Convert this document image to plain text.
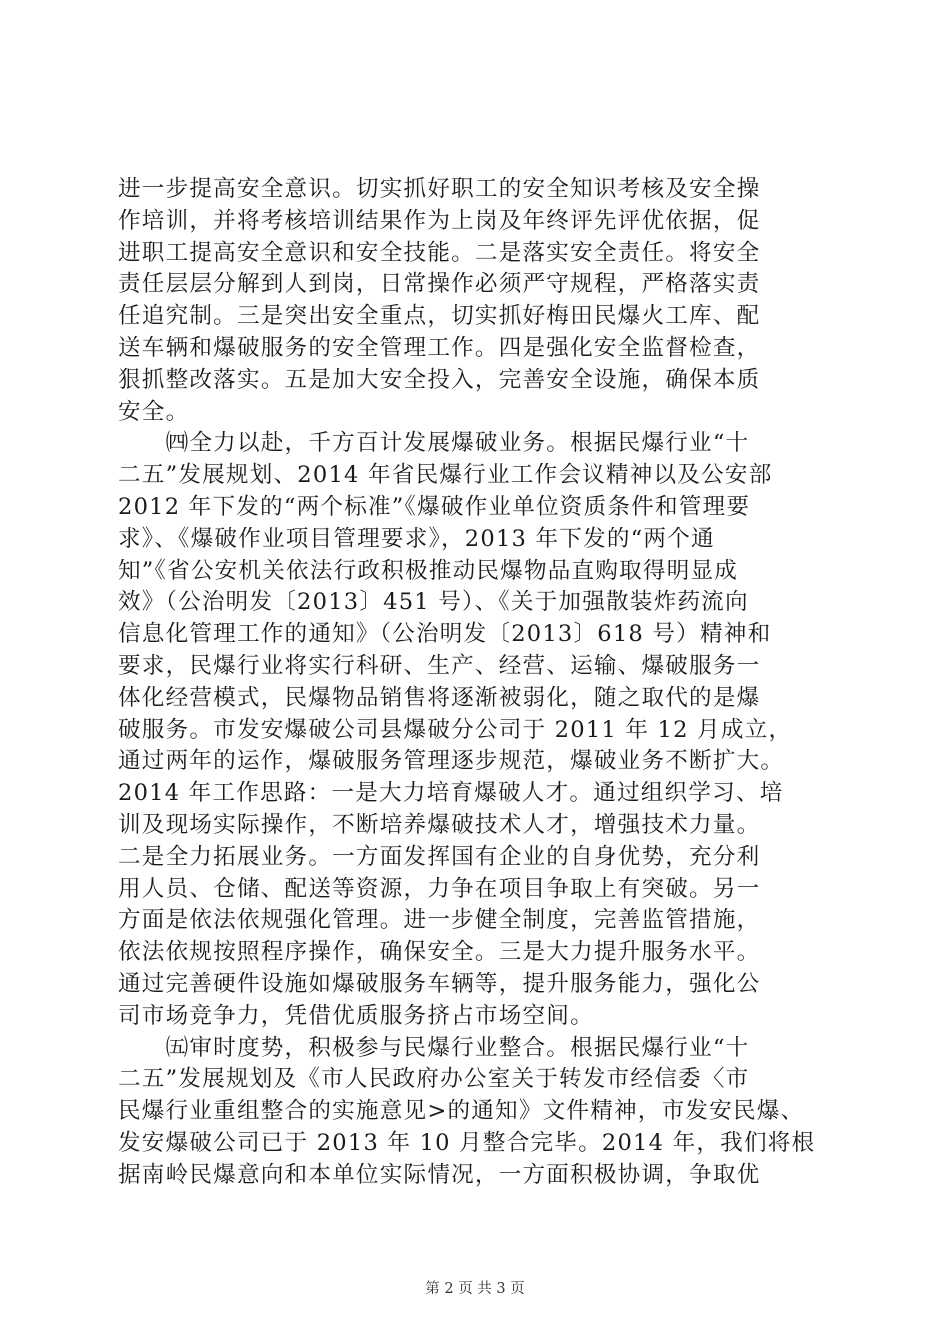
进一步提高安全意识。切实抓好职工的安全知识考核及安全操
作培训，并将考核培训结果作为上岗及年终评先评优依据，促
进职工提高安全意识和安全技能。二是落实安全责任。将安全
责任层层分解到人到岗，日常操作必须严守规程，严格落实责
任追究制。三是突出安全重点，切实抓好梅田民爆火工库、配
送车辆和爆破服务的安全管理工作。四是强化安全监督检查，
狠抓整改落实。五是加大安全投入，完善安全设施，确保本质
安全。
　　㈣全力以赴，千方百计发展爆破业务。根据民爆行业“十
二五”发展规划、2014 年省民爆行业工作会议精神以及公安部
2012 年下发的“两个标准”《爆破作业单位资质条件和管理要
求》、《爆破作业项目管理要求》，2013 年下发的“两个通
知”《省公安机关依法行政积极推动民爆物品直购取得明显成
效》（公治明发〔2013〕451 号）、《关于加强散装炸药流向
信息化管理工作的通知》（公治明发〔2013〕618 号）精神和
要求，民爆行业将实行科研、生产、经营、运输、爆破服务一
体化经营模式，民爆物品销售将逐渐被弱化，随之取代的是爆
破服务。市发安爆破公司县爆破分公司于 2011 年 12 月成立，
通过两年的运作，爆破服务管理逐步规范，爆破业务不断扩大。
2014 年工作思路：一是大力培育爆破人才。通过组织学习、培
训及现场实际操作，不断培养爆破技术人才，增强技术力量。
二是全力拓展业务。一方面发挥国有企业的自身优势，充分利
用人员、仓储、配送等资源，力争在项目争取上有突破。另一
方面是依法依规强化管理。进一步健全制度，完善监管措施，
依法依规按照程序操作，确保安全。三是大力提升服务水平。
通过完善硬件设施如爆破服务车辆等，提升服务能力，强化公
司市场竞争力，凭借优质服务挤占市场空间。
　　㈤审时度势，积极参与民爆行业整合。根据民爆行业“十
二五”发展规划及《市人民政府办公室关于转发市经信委〈市
民爆行业重组整合的实施意见>的通知》文件精神，市发安民爆、
发安爆破公司已于 2013 年 10 月整合完毕。2014 年，我们将根
据南岭民爆意向和本单位实际情况，一方面积极协调，争取优
第 2 页 共 3 页
